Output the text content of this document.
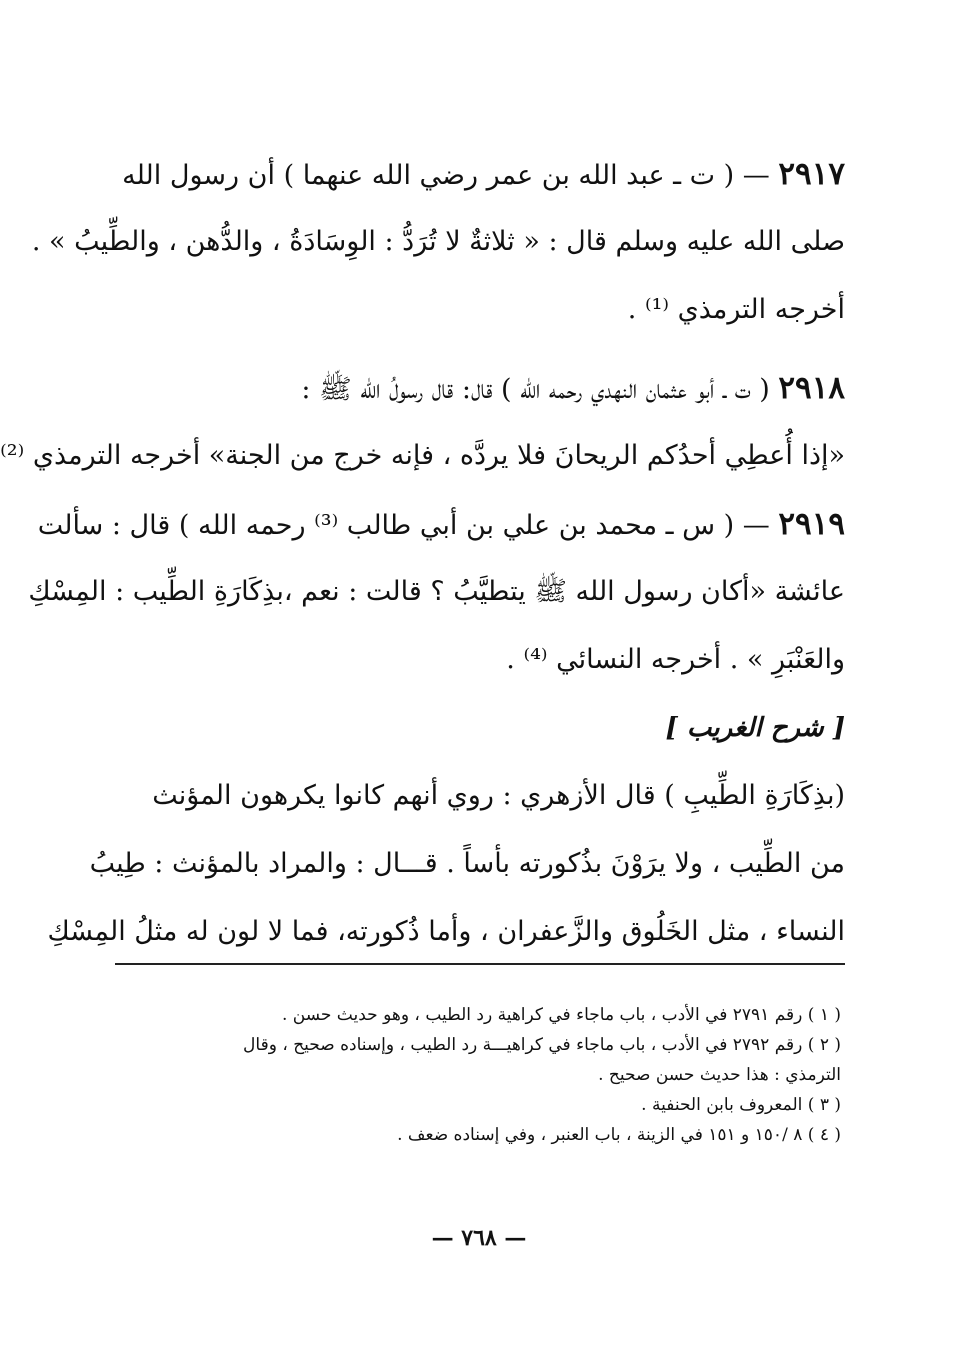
٢٩١٧ — ( ت ـ عبد الله بن عمر رضي الله عنهما ) أن رسول الله
صلى الله عليه وسلم قال : « ثلاثةٌ لا تُرَدُّ : الوِسَادَةُ ، والدُّهن ، والطِّيبُ » .
أخرجه الترمذي ⁽¹⁾ .
٢٩١٨ ( ت ـ أبو عثمان النهدي رحمه الله ) قال: قال رسولُ الله ﷺ :
«إذا أُعطِي أحدُكم الريحانَ فلا يردَّه ، فإنه خرج من الجنة» أخرجه الترمذي ⁽²⁾
٢٩١٩ — ( س ـ محمد بن علي بن أبي طالب ⁽³⁾ رحمه الله ) قال : سألت
عائشة «أكان رسول الله ﷺ يتطيَّبُ ؟ قالت : نعم ،بذِكَارَةِ الطِّيب : المِسْكِ
والعَنْبَرِ » . أخرجه النسائي ⁽⁴⁾ .
[ شرح الغريب ]
(بذِكَارَةِ الطِّيبِ ) قال الأزهري : روي أنهم كانوا يكرهون المؤنث
من الطِّيب ، ولا يرَوْنَ بذُكورته بأساً . قـــال : والمراد بالمؤنث : طِيبُ
النساء ، مثل الخَلُوق والزَّعفران ، وأما ذُكورته، فما لا لون له مثلُ المِسْكِ
( ١ ) رقم ٢٧٩١ في الأدب ، باب ماجاء في كراهية رد الطيب ، وهو حديث حسن .
( ٢ ) رقم ٢٧٩٢ في الأدب ، باب ماجاء في كراهيـــة رد الطيب ، وإسناده صحيح ، وقال
الترمذي : هذا حديث حسن صحيح .
( ٣ ) المعروف بابن الحنفية .
( ٤ ) ٨ /١٥٠ و ١٥١ في الزينة ، باب العنبر ، وفي إسناده ضعف .
— ٧٦٨ —
